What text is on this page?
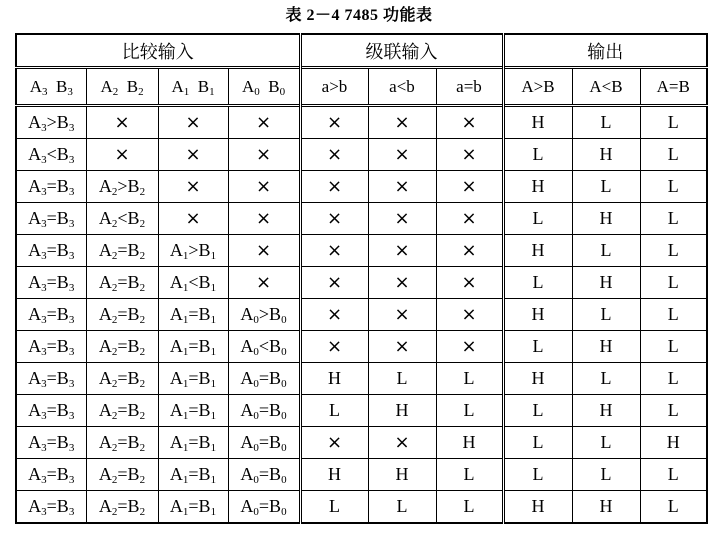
表 2－4 7485 功能表
比较输入				级联输入			输出		
$A_3$ $B_3$	$A_2$ $B_2$	$A_1$ $B_1$	$A_0$ $B_0$	a>b	a<b	a=b	A>B	A<B	A=B
$A_3>B_3$	×	×	×	×	×	×	H	L	L
$A_3<B_3$	×	×	×	×	×	×	L	H	L
$A_3=B_3$	$A_2>B_2$	×	×	×	×	×	H	L	L
$A_3=B_3$	$A_2<B_2$	×	×	×	×	×	L	H	L
$A_3=B_3$	$A_2=B_2$	$A_1>B_1$	×	×	×	×	H	L	L
$A_3=B_3$	$A_2=B_2$	$A_1<B_1$	×	×	×	×	L	H	L
$A_3=B_3$	$A_2=B_2$	$A_1=B_1$	$A_0>B_0$	×	×	×	H	L	L
$A_3=B_3$	$A_2=B_2$	$A_1=B_1$	$A_0<B_0$	×	×	×	L	H	L
$A_3=B_3$	$A_2=B_2$	$A_1=B_1$	$A_0=B_0$	H	L	L	H	L	L
$A_3=B_3$	$A_2=B_2$	$A_1=B_1$	$A_0=B_0$	L	H	L	L	H	L
$A_3=B_3$	$A_2=B_2$	$A_1=B_1$	$A_0=B_0$	×	×	H	L	L	H
$A_3=B_3$	$A_2=B_2$	$A_1=B_1$	$A_0=B_0$	H	H	L	L	L	L
$A_3=B_3$	$A_2=B_2$	$A_1=B_1$	$A_0=B_0$	L	L	L	H	H	L
